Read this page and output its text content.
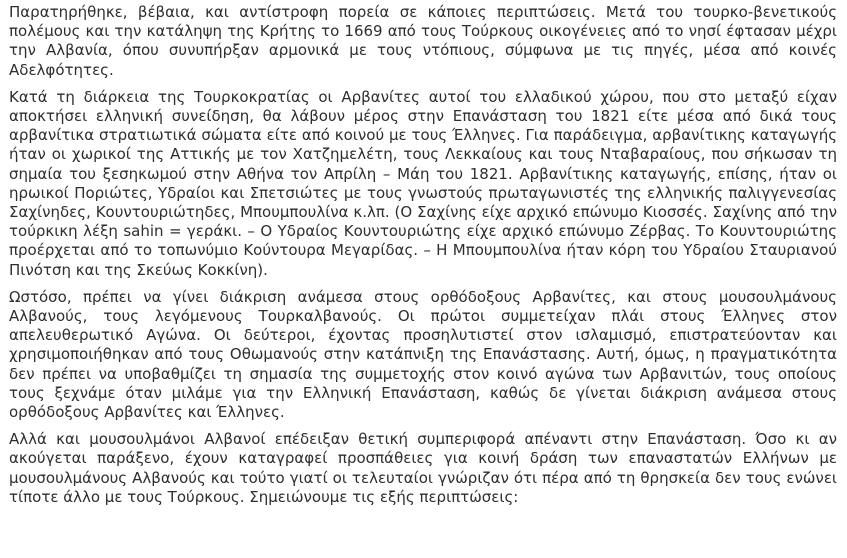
Παρατηρήθηκε, βέβαια, και αντίστροφη πορεία σε κάποιες περιπτώσεις. Μετά του τουρκο-βενετικούς πολέμους και την κατάληψη της Κρήτης το 1669 από τους Τούρκους οικογένειες από το νησί έφτασαν μέχρι την Αλβανία, όπου συνυπήρξαν αρμονικά με τους ντόπιους, σύμφωνα με τις πηγές, μέσα από κοινές Αδελφότητες.

Κατά τη διάρκεια της Τουρκοκρατίας οι Αρβανίτες αυτοί του ελλαδικού χώρου, που στο μεταξύ είχαν αποκτήσει ελληνική συνείδηση, θα λάβουν μέρος στην Επανάσταση του 1821 είτε μέσα από δικά τους αρβανίτικα στρατιωτικά σώματα είτε από κοινού με τους Έλληνες. Για παράδειγμα, αρβανίτικης καταγωγής ήταν οι χωρικοί της Αττικής με τον Χατζημελέτη, τους Λεκκαίους και τους Νταβαραίους, που σήκωσαν τη σημαία του ξεσηκωμού στην Αθήνα τον Απρίλη – Μάη του 1821. Αρβανίτικης καταγωγής, επίσης, ήταν οι ηρωικοί Ποριώτες, Υδραίοι και Σπετσιώτες με τους γνωστούς πρωταγωνιστές της ελληνικής παλιγγενεσίας Σαχίνηδες, Κουντουριώτηδες, Μπουμπουλίνα κ.λπ. (Ο Σαχίνης είχε αρχικό επώνυμο Κιοσσές. Σαχίνης από την τούρκικη λέξη sahin = γεράκι. – Ο Υδραίος Κουντουριώτης είχε αρχικό επώνυμο Ζέρβας. Το Κουντουριώτης προέρχεται από το τοπωνύμιο Κούντουρα Μεγαρίδας. – Η Μπουμπουλίνα ήταν κόρη του Υδραίου Σταυριανού Πινότση και της Σκεύως Κοκκίνη).

Ωστόσο, πρέπει να γίνει διάκριση ανάμεσα στους ορθόδοξους Αρβανίτες, και στους μουσουλμάνους Αλβανούς, τους λεγόμενους Τουρκαλβανούς. Οι πρώτοι συμμετείχαν πλάι στους Έλληνες στον απελευθερωτικό Αγώνα. Οι δεύτεροι, έχοντας προσηλυτιστεί στον ισλαμισμό, επιστρατεύονταν και χρησιμοποιήθηκαν από τους Οθωμανούς στην κατάπνιξη της Επανάστασης. Αυτή, όμως, η πραγματικότητα δεν πρέπει να υποβαθμίζει τη σημασία της συμμετοχής στον κοινό αγώνα των Αρβανιτών, τους οποίους τους ξεχνάμε όταν μιλάμε για την Ελληνική Επανάσταση, καθώς δε γίνεται διάκριση ανάμεσα στους ορθόδοξους Αρβανίτες και Έλληνες.

Αλλά και μουσουλμάνοι Αλβανοί επέδειξαν θετική συμπεριφορά απέναντι στην Επανάσταση. Όσο κι αν ακούγεται παράξενο, έχουν καταγραφεί προσπάθειες για κοινή δράση των επαναστατών Ελλήνων με μουσουλμάνους Αλβανούς και τούτο γιατί οι τελευταίοι γνώριζαν ότι πέρα από τη θρησκεία δεν τους ενώνει τίποτε άλλο με τους Τούρκους. Σημειώνουμε τις εξής περιπτώσεις:
